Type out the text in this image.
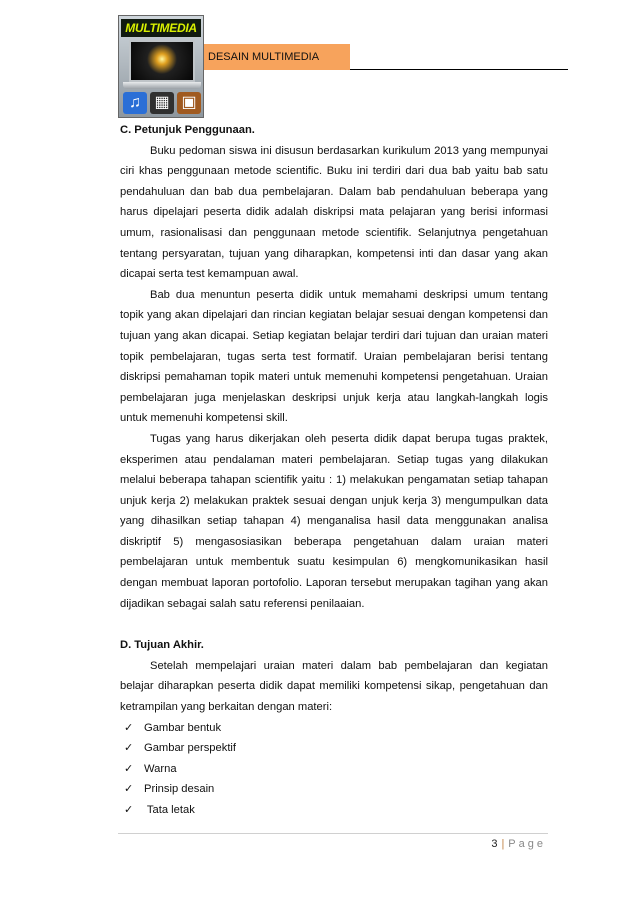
MULTIMEDIA
♫ ▦ ▣
DESAIN MULTIMEDIA

C. Petunjuk Penggunaan.

Buku pedoman siswa ini disusun berdasarkan kurikulum 2013 yang mempunyai ciri khas penggunaan metode scientific. Buku ini terdiri dari dua bab yaitu bab satu pendahuluan dan bab dua pembelajaran. Dalam bab pendahuluan beberapa yang harus dipelajari peserta didik adalah diskripsi mata pelajaran yang berisi informasi umum, rasionalisasi dan penggunaan metode scientifik. Selanjutnya pengetahuan tentang persyaratan, tujuan yang diharapkan, kompetensi inti dan dasar yang akan dicapai serta test kemampuan awal.

Bab dua menuntun peserta didik untuk memahami deskripsi umum tentang topik yang akan dipelajari dan rincian kegiatan belajar sesuai dengan kompetensi dan tujuan yang akan dicapai. Setiap kegiatan belajar terdiri dari tujuan dan uraian materi topik pembelajaran, tugas serta test formatif. Uraian pembelajaran berisi tentang diskripsi pemahaman topik materi untuk memenuhi kompetensi pengetahuan. Uraian pembelajaran juga menjelaskan deskripsi unjuk kerja atau langkah-langkah logis untuk memenuhi kompetensi skill.

Tugas yang harus dikerjakan oleh peserta didik dapat berupa tugas praktek, eksperimen atau pendalaman materi pembelajaran. Setiap tugas yang dilakukan melalui beberapa tahapan scientifik yaitu : 1) melakukan pengamatan setiap tahapan unjuk kerja 2) melakukan praktek sesuai dengan unjuk kerja 3) mengumpulkan data yang dihasilkan setiap tahapan 4) menganalisa hasil data menggunakan analisa diskriptif 5) mengasosiasikan beberapa pengetahuan dalam uraian materi pembelajaran untuk membentuk suatu kesimpulan 6) mengkomunikasikan hasil dengan membuat laporan portofolio. Laporan tersebut merupakan tagihan yang akan dijadikan sebagai salah satu referensi penilaaian.

D. Tujuan Akhir.

Setelah mempelajari uraian materi dalam bab pembelajaran dan kegiatan belajar diharapkan peserta didik dapat memiliki kompetensi sikap, pengetahuan dan ketrampilan yang berkaitan dengan materi:

✓ Gambar bentuk
✓ Gambar perspektif
✓ Warna
✓ Prinsip desain
✓ Tata letak
3 | Page
